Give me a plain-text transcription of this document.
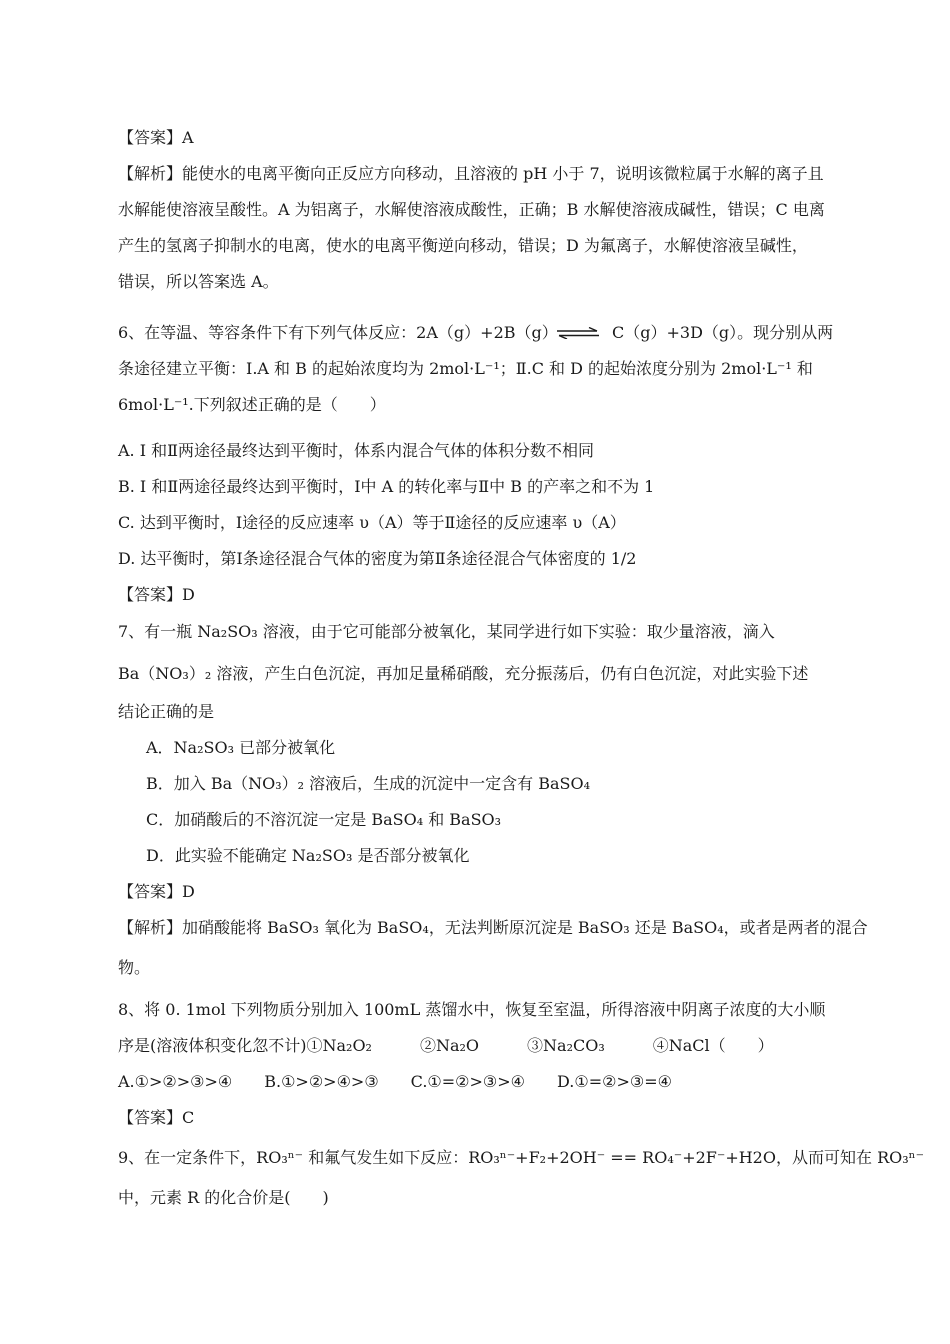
【答案】A
【解析】能使水的电离平衡向正反应方向移动，且溶液的 pH 小于 7，说明该微粒属于水解的离子且
水解能使溶液呈酸性。A 为铝离子，水解使溶液成酸性，正确；B 水解使溶液成碱性，错误；C 电离
产生的氢离子抑制水的电离，使水的电离平衡逆向移动，错误；D 为氟离子，水解使溶液呈碱性，
错误，所以答案选 A。
6、在等温、等容条件下有下列气体反应：2A（g）+2B（g） ⇌ C（g）+3D（g）。现分别从两
条途径建立平衡：Ⅰ.A 和 B 的起始浓度均为 2mol·L⁻¹；Ⅱ.C 和 D 的起始浓度分别为 2mol·L⁻¹ 和
6mol·L⁻¹.下列叙述正确的是（　　）
A. Ⅰ 和Ⅱ两途径最终达到平衡时，体系内混合气体的体积分数不相同
B. Ⅰ 和Ⅱ两途径最终达到平衡时，Ⅰ中 A 的转化率与Ⅱ中 B 的产率之和不为 1
C. 达到平衡时，Ⅰ途径的反应速率 υ（A）等于Ⅱ途径的反应速率 υ（A）
D. 达平衡时，第Ⅰ条途径混合气体的密度为第Ⅱ条途径混合气体密度的 1/2
【答案】D
7、有一瓶 Na₂SO₃ 溶液，由于它可能部分被氧化，某同学进行如下实验：取少量溶液，滴入
Ba（NO₃）₂ 溶液，产生白色沉淀，再加足量稀硝酸，充分振荡后，仍有白色沉淀，对此实验下述
结论正确的是
A．Na₂SO₃ 已部分被氧化
B．加入 Ba（NO₃）₂ 溶液后，生成的沉淀中一定含有 BaSO₄
C．加硝酸后的不溶沉淀一定是 BaSO₄ 和 BaSO₃
D．此实验不能确定 Na₂SO₃ 是否部分被氧化
【答案】D
【解析】加硝酸能将 BaSO₃ 氧化为 BaSO₄，无法判断原沉淀是 BaSO₃ 还是 BaSO₄，或者是两者的混合
物。
8、将 0. 1mol 下列物质分别加入 100mL 蒸馏水中，恢复至室温，所得溶液中阴离子浓度的大小顺
序是(溶液体积变化忽不计)①Na₂O₂　　　②Na₂O　　　③Na₂CO₃　　　④NaCl（　　）
A.①>②>③>④　　B.①>②>④>③　　C.①=②>③>④　　D.①=②>③=④
【答案】C
9、在一定条件下，RO₃ⁿ⁻ 和氟气发生如下反应：RO₃ⁿ⁻+F₂+2OH⁻ == RO₄⁻+2F⁻+H2O，从而可知在 RO₃ⁿ⁻
中，元素 R 的化合价是(　　)
